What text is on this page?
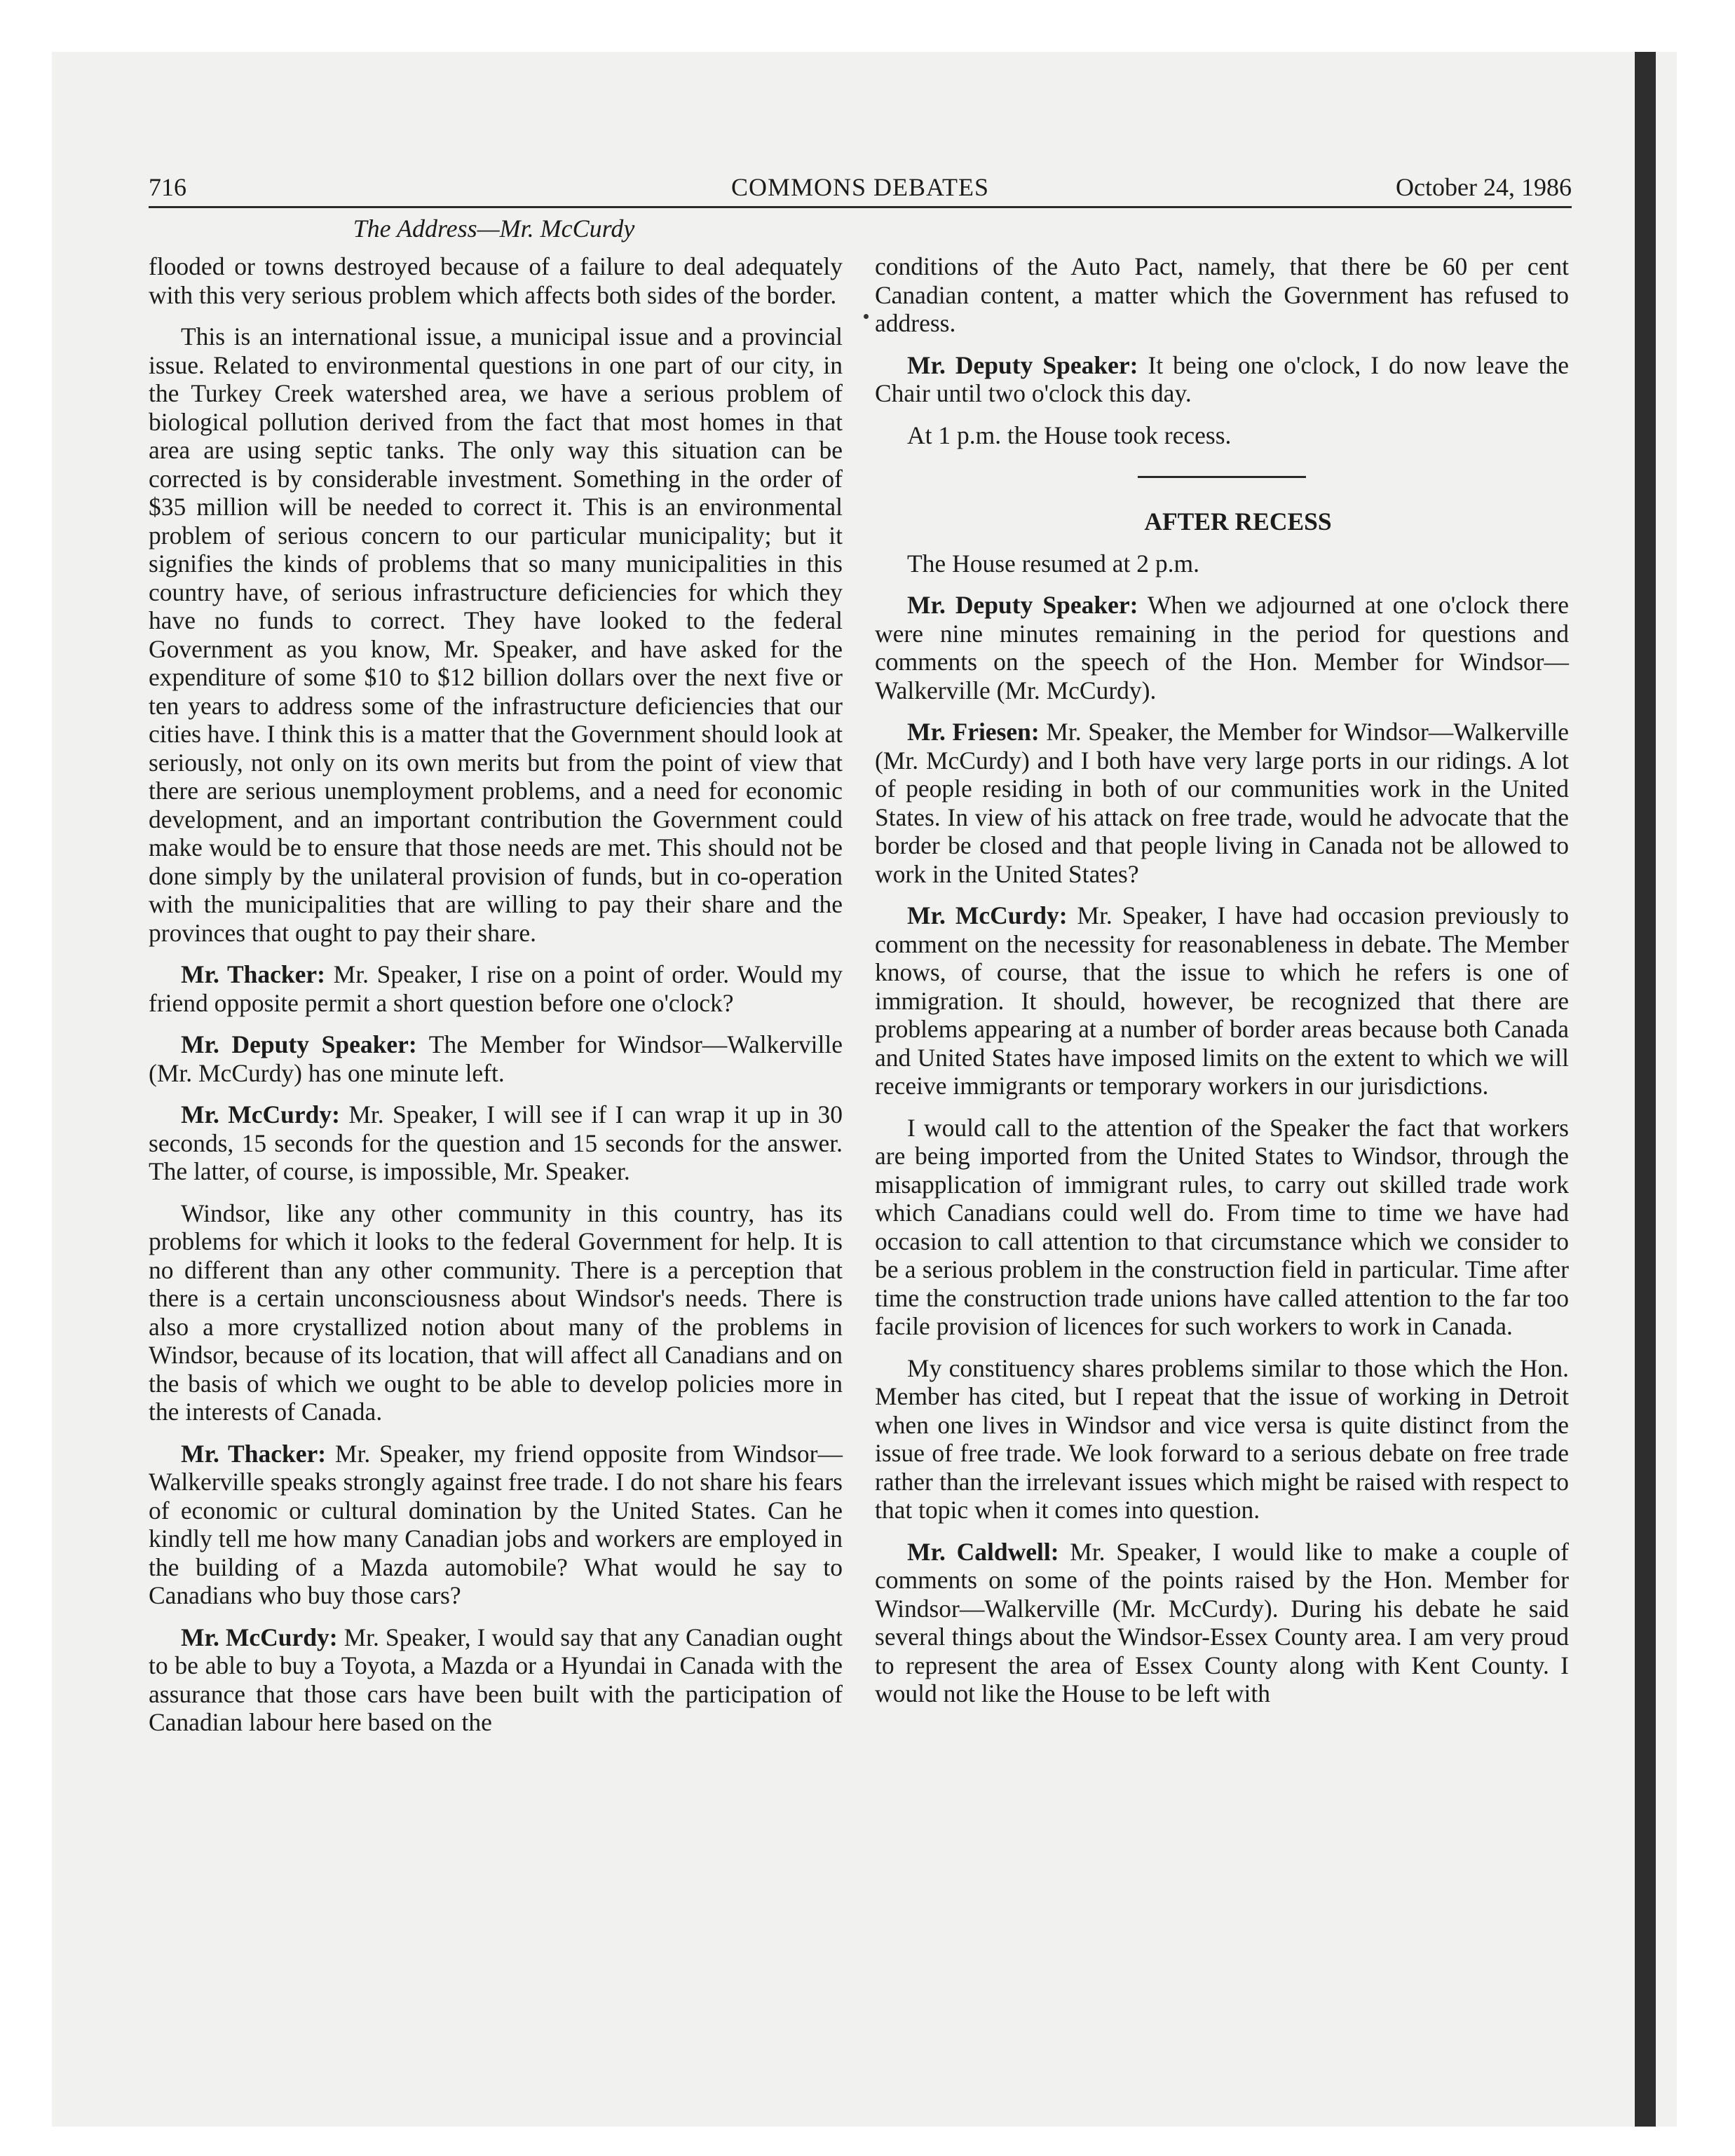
716	COMMONS DEBATES	October 24, 1986
The Address—Mr. McCurdy

flooded or towns destroyed because of a failure to deal adequately with this very serious problem which affects both sides of the border.

This is an international issue, a municipal issue and a provincial issue. Related to environmental questions in one part of our city, in the Turkey Creek watershed area, we have a serious problem of biological pollution derived from the fact that most homes in that area are using septic tanks. The only way this situation can be corrected is by considerable investment. Something in the order of $35 million will be needed to correct it. This is an environmental problem of serious concern to our particular municipality; but it signifies the kinds of problems that so many municipalities in this country have, of serious infrastructure deficiencies for which they have no funds to correct. They have looked to the federal Government as you know, Mr. Speaker, and have asked for the expenditure of some $10 to $12 billion dollars over the next five or ten years to address some of the infrastructure deficiencies that our cities have. I think this is a matter that the Government should look at seriously, not only on its own merits but from the point of view that there are serious unemployment problems, and a need for economic development, and an important contribution the Government could make would be to ensure that those needs are met. This should not be done simply by the unilateral provision of funds, but in co-operation with the municipalities that are willing to pay their share and the provinces that ought to pay their share.

Mr. Thacker: Mr. Speaker, I rise on a point of order. Would my friend opposite permit a short question before one o'clock?

Mr. Deputy Speaker: The Member for Windsor—Walkerville (Mr. McCurdy) has one minute left.

Mr. McCurdy: Mr. Speaker, I will see if I can wrap it up in 30 seconds, 15 seconds for the question and 15 seconds for the answer. The latter, of course, is impossible, Mr. Speaker.

Windsor, like any other community in this country, has its problems for which it looks to the federal Government for help. It is no different than any other community. There is a perception that there is a certain unconsciousness about Windsor's needs. There is also a more crystallized notion about many of the problems in Windsor, because of its location, that will affect all Canadians and on the basis of which we ought to be able to develop policies more in the interests of Canada.

Mr. Thacker: Mr. Speaker, my friend opposite from Windsor—Walkerville speaks strongly against free trade. I do not share his fears of economic or cultural domination by the United States. Can he kindly tell me how many Canadian jobs and workers are employed in the building of a Mazda automobile? What would he say to Canadians who buy those cars?

Mr. McCurdy: Mr. Speaker, I would say that any Canadian ought to be able to buy a Toyota, a Mazda or a Hyundai in Canada with the assurance that those cars have been built with the participation of Canadian labour here based on the

conditions of the Auto Pact, namely, that there be 60 per cent Canadian content, a matter which the Government has refused to address.

Mr. Deputy Speaker: It being one o'clock, I do now leave the Chair until two o'clock this day.

At 1 p.m. the House took recess.

AFTER RECESS

The House resumed at 2 p.m.

Mr. Deputy Speaker: When we adjourned at one o'clock there were nine minutes remaining in the period for questions and comments on the speech of the Hon. Member for Windsor—Walkerville (Mr. McCurdy).

Mr. Friesen: Mr. Speaker, the Member for Windsor—Walkerville (Mr. McCurdy) and I both have very large ports in our ridings. A lot of people residing in both of our communities work in the United States. In view of his attack on free trade, would he advocate that the border be closed and that people living in Canada not be allowed to work in the United States?

Mr. McCurdy: Mr. Speaker, I have had occasion previously to comment on the necessity for reasonableness in debate. The Member knows, of course, that the issue to which he refers is one of immigration. It should, however, be recognized that there are problems appearing at a number of border areas because both Canada and United States have imposed limits on the extent to which we will receive immigrants or temporary workers in our jurisdictions.

I would call to the attention of the Speaker the fact that workers are being imported from the United States to Windsor, through the misapplication of immigrant rules, to carry out skilled trade work which Canadians could well do. From time to time we have had occasion to call attention to that circumstance which we consider to be a serious problem in the construction field in particular. Time after time the construction trade unions have called attention to the far too facile provision of licences for such workers to work in Canada.

My constituency shares problems similar to those which the Hon. Member has cited, but I repeat that the issue of working in Detroit when one lives in Windsor and vice versa is quite distinct from the issue of free trade. We look forward to a serious debate on free trade rather than the irrelevant issues which might be raised with respect to that topic when it comes into question.

Mr. Caldwell: Mr. Speaker, I would like to make a couple of comments on some of the points raised by the Hon. Member for Windsor—Walkerville (Mr. McCurdy). During his debate he said several things about the Windsor-Essex County area. I am very proud to represent the area of Essex County along with Kent County. I would not like the House to be left with
